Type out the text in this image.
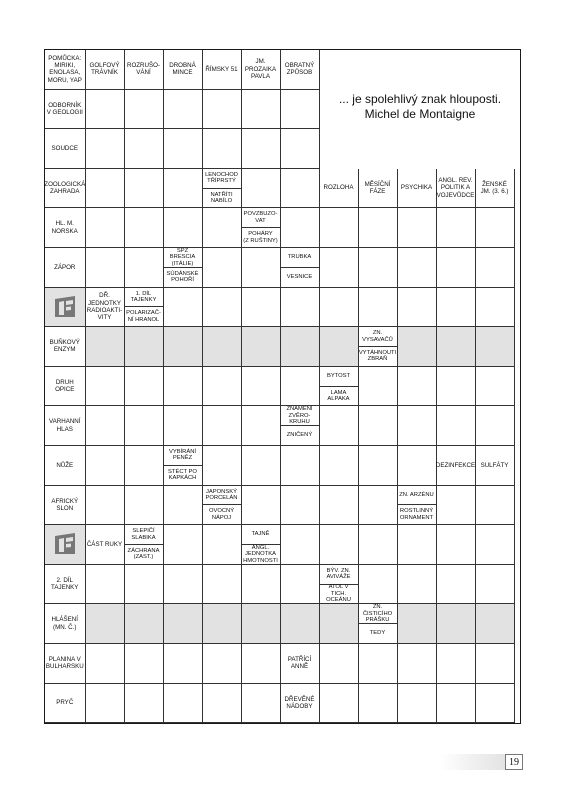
POMŮCKA:
MIRIKI,
ENOLASA,
MORU, YAP
GOLFOVÝ
TRÁVNÍK
ROZRUŠO-
VÁNÍ
DROBNÁ
MINCE
ŘÍMSKY 51
JM.
PROZAIKA
PAVLA
OBRATNÝ
ZPŮSOB
ODBORNÍK
V GEOLOGII
SOUDCE
ZOOLOGICKÁ
ZAHRADA
HL. M.
NORSKA
ZÁPOR
BUŇKOVÝ
ENZYM
DRUH OPICE
VARHANNÍ
HLAS
NŮŽE
AFRICKÝ
SLON
2. DÍL
TAJENKY
HLÁŠENÍ
(MN. Č.)
PLANINA V
BULHARSKU
PRYČ
ROZLOHA
MĚSÍČNÍ
FÁZE
PSYCHIKA
ANGL. REV.
POLITIK A
VOJEVŮDCE
ŽENSKÉ
JM. (3. 6.)
LENOCHOD
TŘÍPRSTÝ
NATŘÍTI
NABÍLO
POVZBUZO-
VAT
POHÁRY
(Z RUŠTINY)
SPZ BRESCIA
(ITÁLIE)
SÚDÁNSKÉ
POHOŘÍ
TRUBKA
VESNICE
DŘ.
JEDNOTKY
RADIOAKTI-
VITY
1. DÍL
TAJENKY
POLARIZAČ-
NÍ HRANOL
ZN.
VYSAVAČŮ
VYTÁHNOUTI
ZBRAŇ
BYTOST
LAMA
ALPAKA
ZNAMENÍ
ZVĚRO-
KRUHU
ZNIČENÝ
VYBÍRÁNÍ
PENĚZ
STÉCT PO
KAPKÁCH
DEZINFEKCE SULFÁTY
JAPONSKÝ
PORCELÁN
OVOCNÝ
NÁPOJ
ZN. ARZÉNU
ROSTLINNÝ
ORNAMENT
ČÁST RUKY
SLEPIČÍ
SLABIKA
ZÁCHRANA
(ZAST.)
TAJNĚ
ANGL.
JEDNOTKA
HMOTNOSTI
BÝV. ZN.
AVIVÁŽE
ATOL V TICH.
OCEÁNU
ZN.
ČISTICÍHO
PRÁŠKU
TEDY
PATŘÍCÍ
ANNĚ
DŘEVĚNÉ
NÁDOBY
... je spolehlivý znak hlouposti.
Michel de Montaigne
19
